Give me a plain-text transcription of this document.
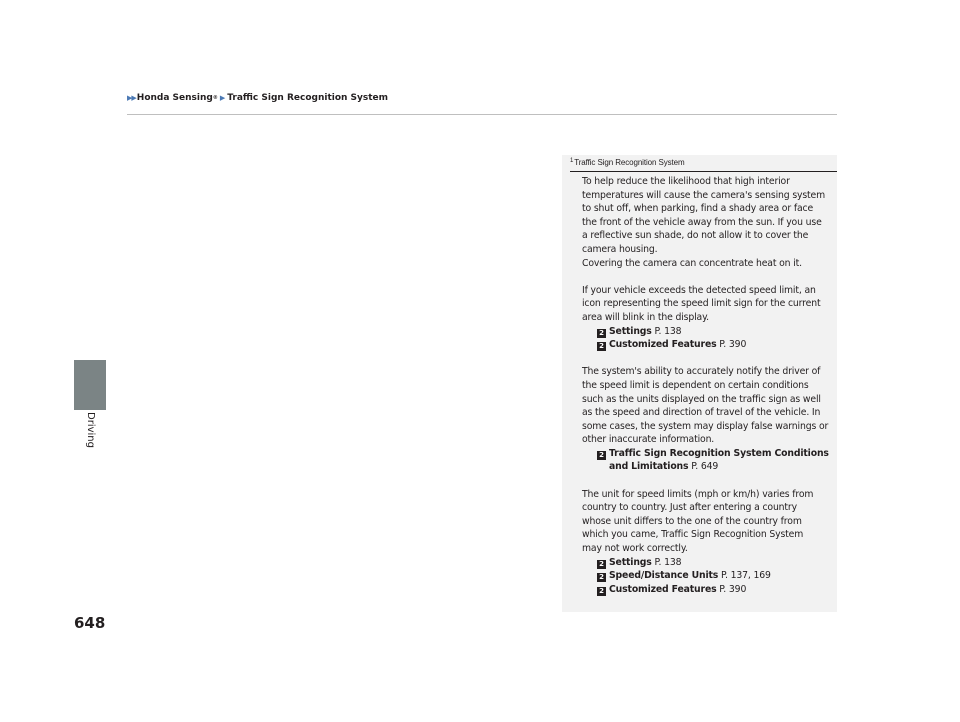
▶▶ Honda Sensing ® ▶ Traffic Sign Recognition System
Driving
648
$^1$Traffic Sign Recognition System

To help reduce the likelihood that high interior

temperatures will cause the camera's sensing system

to shut off, when parking, find a shady area or face

the front of the vehicle away from the sun. If you use

a reflective sun shade, do not allow it to cover the

camera housing.

Covering the camera can concentrate heat on it.

If your vehicle exceeds the detected speed limit, an

icon representing the speed limit sign for the current

area will blink in the display.

2 Settings P. 138

2 Customized Features P. 390

The system's ability to accurately notify the driver of

the speed limit is dependent on certain conditions

such as the units displayed on the traffic sign as well

as the speed and direction of travel of the vehicle. In

some cases, the system may display false warnings or

other inaccurate information.

2 Traffic Sign Recognition System Conditions

and Limitations P. 649

The unit for speed limits (mph or km/h) varies from

country to country. Just after entering a country

whose unit differs to the one of the country from

which you came, Traffic Sign Recognition System

may not work correctly.

2 Settings P. 138

2 Speed/Distance Units P. 137, 169

2 Customized Features P. 390
